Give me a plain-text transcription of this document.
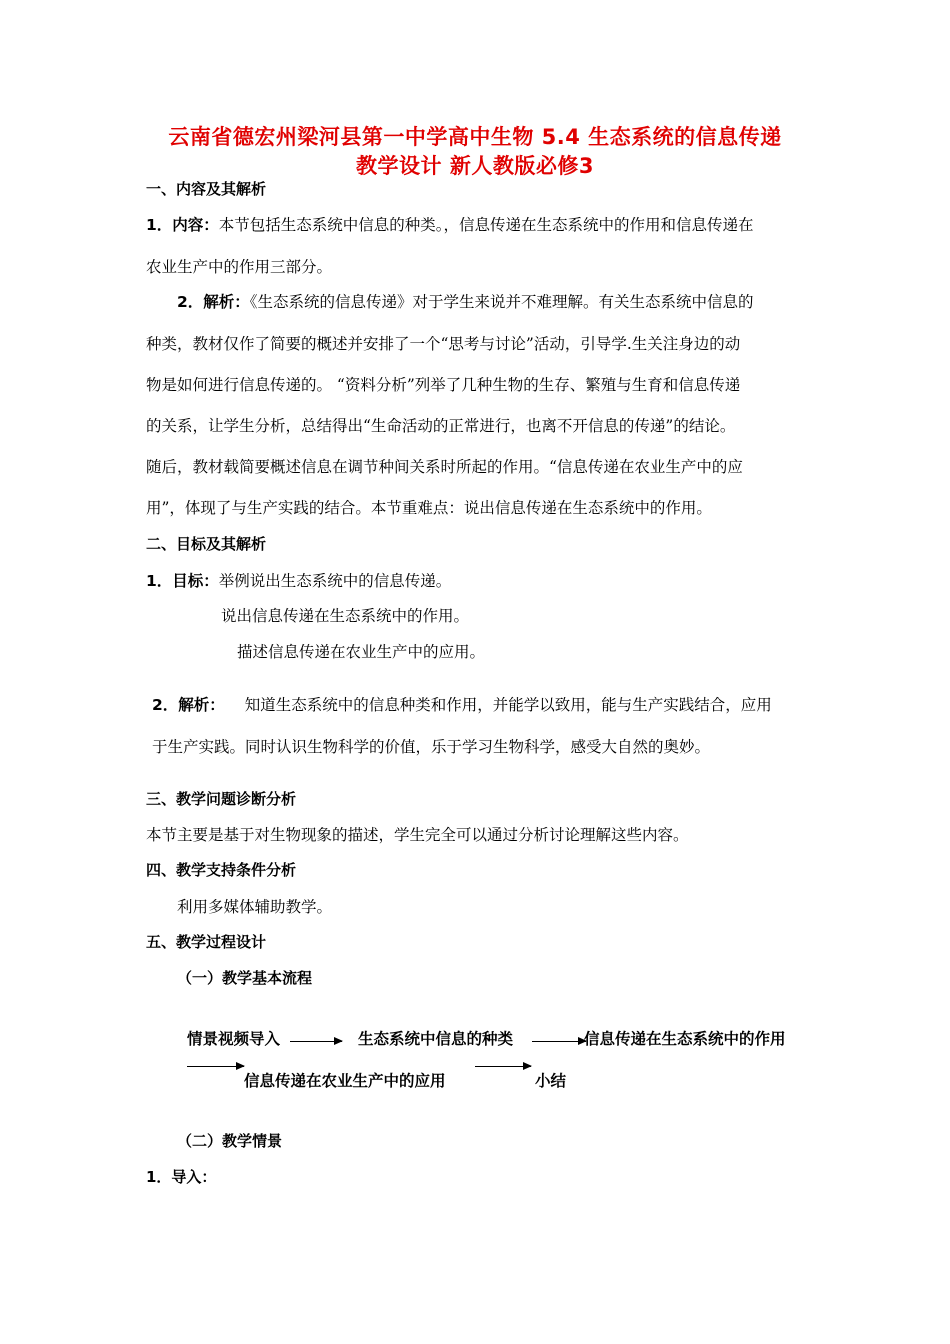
云南省德宏州梁河县第一中学高中生物 5.4 生态系统的信息传递
教学设计 新人教版必修3
一、内容及其解析
1．内容：本节包括生态系统中信息的种类。，信息传递在生态系统中的作用和信息传递在
农业生产中的作用三部分。
2．解析：《生态系统的信息传递》对于学生来说并不难理解。有关生态系统中信息的
种类，教材仅作了简要的概述并安排了一个“思考与讨论”活动，引导学.生关注身边的动
物是如何进行信息传递的。 “资料分析”列举了几种生物的生存、繁殖与生育和信息传递
的关系，让学生分析，总结得出“生命活动的正常进行，也离不开信息的传递”的结论。
随后，教材载简要概述信息在调节种间关系时所起的作用。“信息传递在农业生产中的应
用”，体现了与生产实践的结合。本节重难点：说出信息传递在生态系统中的作用。
二、目标及其解析
1．目标：举例说出生态系统中的信息传递。
说出信息传递在生态系统中的作用。
描述信息传递在农业生产中的应用。
2．解析： 知道生态系统中的信息种类和作用，并能学以致用，能与生产实践结合，应用
于生产实践。同时认识生物科学的价值，乐于学习生物科学，感受大自然的奥妙。
三、教学问题诊断分析
本节主要是基于对生物现象的描述，学生完全可以通过分析讨论理解这些内容。
四、教学支持条件分析
利用多媒体辅助教学。
五、教学过程设计
（一）教学基本流程
情景视频导入	生态系统中信息的种类	信息传递在生态系统中的作用
信息传递在农业生产中的应用	小结
（二）教学情景
1．导入：
